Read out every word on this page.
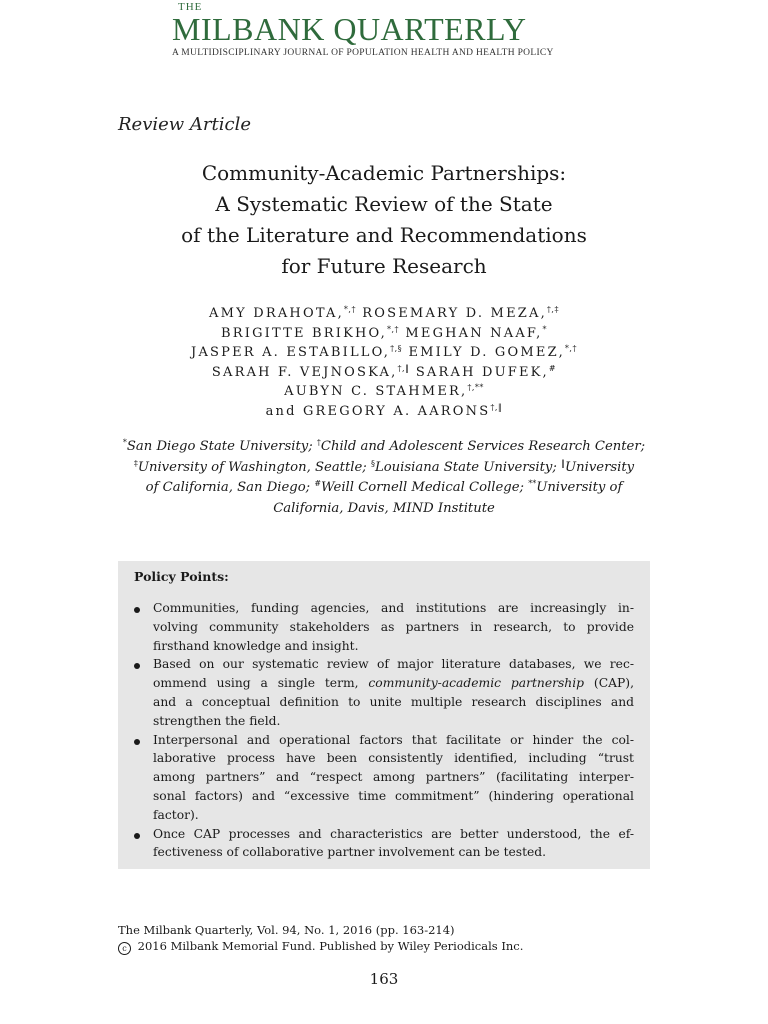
THE
MILBANK QUARTERLY
A MULTIDISCIPLINARY JOURNAL OF POPULATION HEALTH AND HEALTH POLICY
Review Article
Community-Academic Partnerships:
A Systematic Review of the State
of the Literature and Recommendations
for Future Research
AMY DRAHOTA,*,† ROSEMARY D. MEZA,†,‡
BRIGITTE BRIKHO,*,† MEGHAN NAAF,*
JASPER A. ESTABILLO,†,§ EMILY D. GOMEZ,*,†
SARAH F. VEJNOSKA,†,‖ SARAH DUFEK,#
AUBYN C. STAHMER,†,**
and GREGORY A. AARONS†,‖
*San Diego State University; †Child and Adolescent Services Research Center;
‡University of Washington, Seattle; §Louisiana State University; ‖University
of California, San Diego; #Weill Cornell Medical College; **University of
California, Davis, MIND Institute
Policy Points:
Communities, funding agencies, and institutions are increasingly in-
volving community stakeholders as partners in research, to provide
firsthand knowledge and insight.
Based on our systematic review of major literature databases, we rec-
ommend using a single term, community-academic partnership (CAP),
and a conceptual definition to unite multiple research disciplines and
strengthen the field.
Interpersonal and operational factors that facilitate or hinder the col-
laborative process have been consistently identified, including “trust
among partners” and “respect among partners” (facilitating interper-
sonal factors) and “excessive time commitment” (hindering operational
factor).
Once CAP processes and characteristics are better understood, the ef-
fectiveness of collaborative partner involvement can be tested.
The Milbank Quarterly, Vol. 94, No. 1, 2016 (pp. 163-214)
c 2016 Milbank Memorial Fund. Published by Wiley Periodicals Inc.
163
